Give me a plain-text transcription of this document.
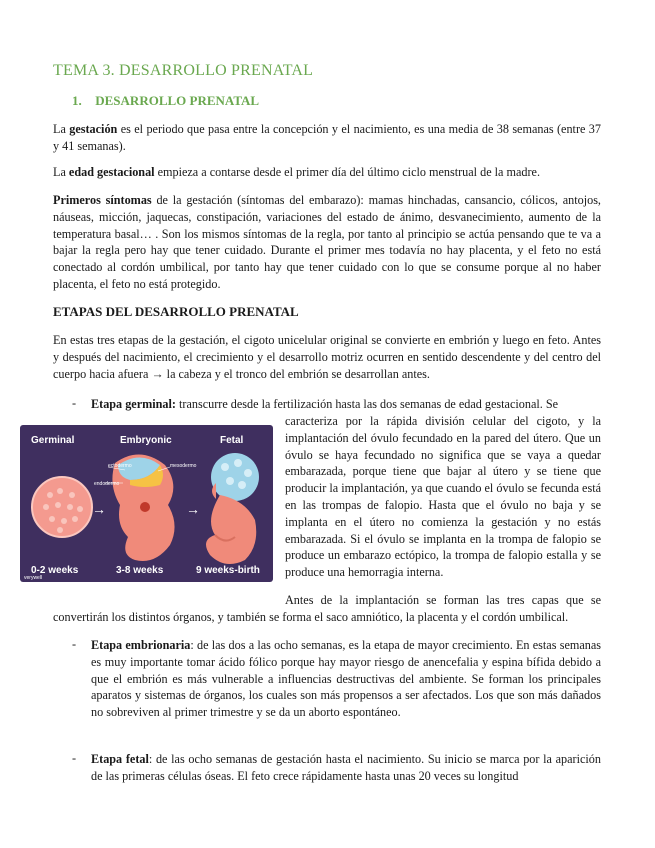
TEMA 3. DESARROLLO PRENATAL
1. DESARROLLO PRENATAL

La gestación es el periodo que pasa entre la concepción y el nacimiento, es una media de 38 semanas (entre 37 y 41 semanas).

La edad gestacional empieza a contarse desde el primer día del último ciclo menstrual de la madre.

Primeros síntomas de la gestación (síntomas del embarazo): mamas hinchadas, cansancio, cólicos, antojos, náuseas, micción, jaquecas, constipación, variaciones del estado de ánimo, desvanecimiento, aumento de la temperatura basal… . Son los mismos síntomas de la regla, por tanto al principio se actúa pensando que te va a bajar la regla pero hay que tener cuidado. Durante el primer mes todavía no hay placenta, y el feto no está conectado al cordón umbilical, por tanto hay que tener cuidado con lo que se consume porque al no haber placenta, el feto no está protegido.

ETAPAS DEL DESARROLLO PRENATAL

En estas tres etapas de la gestación, el cigoto unicelular original se convierte en embrión y luego en feto. Antes y después del nacimiento, el crecimiento y el desarrollo motriz ocurren en sentido descendente y del centro del cuerpo hacia afuera → la cabeza y el tronco del embrión se desarrollan antes.

- Etapa germinal: transcurre desde la fertilización hasta las dos semanas de edad gestacional. Se

caracteriza por la rápida división celular del cigoto, y la implantación del óvulo fecundado en la pared del útero. Que un óvulo se haya fecundado no significa que se vaya a quedar embarazada, porque tiene que bajar al útero y se tiene que producir la implantación, ya que cuando el óvulo se fecunda está en las trompas de falopio. Hasta que el óvulo no baja y se implanta en el útero no comienza la gestación y no estás embarazada. Si el óvulo se implanta en la trompa de falopio se produce un embarazo ectópico, la trompa de falopio estalla y se produce una hemorragia interna.

Antes de la implantación se forman las tres capas que se convertirán los distintos órganos, y también se forma el saco amniótico, la placenta y el cordón umbilical.

Germinal	Embryonic	Fetal
ectodermo	mesodermo
endodermo
→	→
0-2 weeks	3-8 weeks	9 weeks-birth
verywell
- Etapa embrionaria: de las dos a las ocho semanas, es la etapa de mayor crecimiento. En estas semanas es muy importante tomar ácido fólico porque hay mayor riesgo de anencefalia y espina bífida debido a que el embrión es más vulnerable a influencias destructivas del ambiente. Se forman los principales aparatos y sistemas de órganos, los cuales son más propensos a ser afectados. Los que son más dañados no sobreviven al primer trimestre y se da un aborto espontáneo.

- Etapa fetal: de las ocho semanas de gestación hasta el nacimiento. Su inicio se marca por la aparición de las primeras células óseas. El feto crece rápidamente hasta unas 20 veces su longitud
